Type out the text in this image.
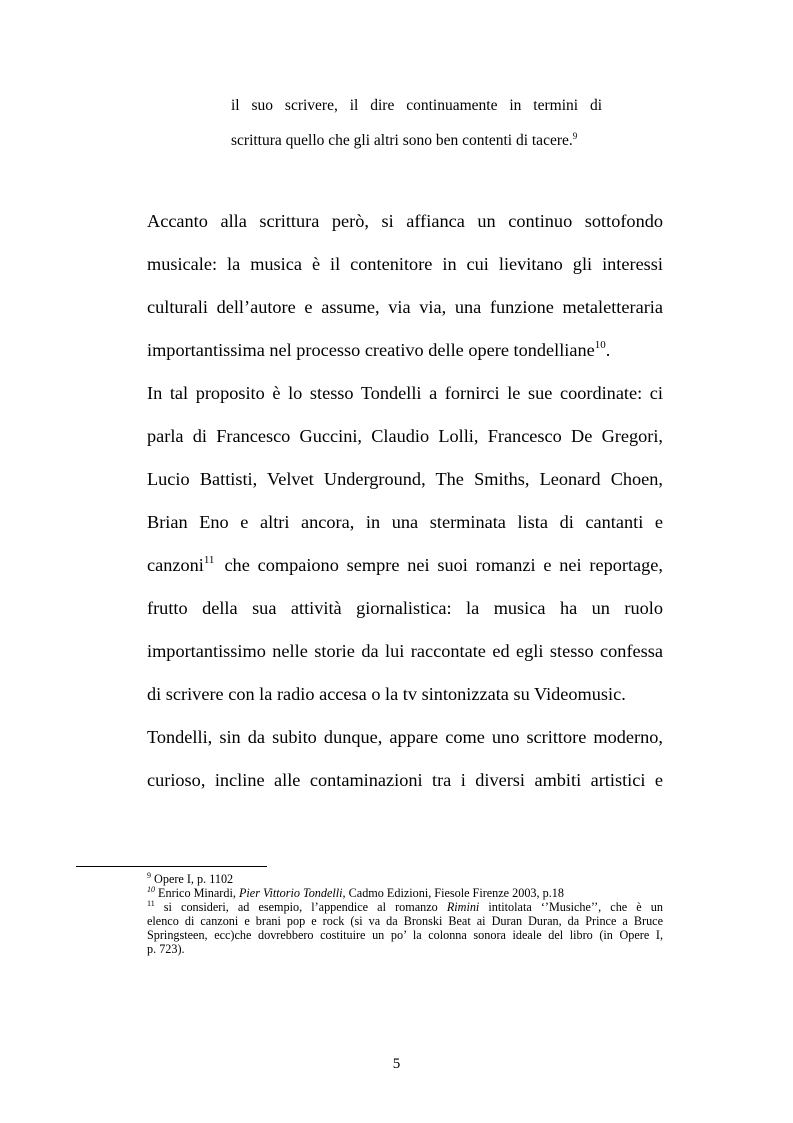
il suo scrivere, il dire continuamente in termini di
scrittura quello che gli altri sono ben contenti di tacere.$^9$
Accanto alla scrittura però, si affianca un continuo sottofondo
musicale: la musica è il contenitore in cui lievitano gli interessi
culturali dell’autore e assume, via via, una funzione metaletteraria
importantissima nel processo creativo delle opere tondelliane$^{10}$.
In tal proposito è lo stesso Tondelli a fornirci le sue coordinate: ci
parla di Francesco Guccini, Claudio Lolli, Francesco De Gregori,
Lucio Battisti, Velvet Underground, The Smiths, Leonard Choen,
Brian Eno e altri ancora, in una sterminata lista di cantanti e
canzoni$^{11}$ che compaiono sempre nei suoi romanzi e nei reportage,
frutto della sua attività giornalistica: la musica ha un ruolo
importantissimo nelle storie da lui raccontate ed egli stesso confessa
di scrivere con la radio accesa o la tv sintonizzata su Videomusic.
Tondelli, sin da subito dunque, appare come uno scrittore moderno,
curioso, incline alle contaminazioni tra i diversi ambiti artistici e
$^9$ Opere I, p. 1102
$^{10}$ Enrico Minardi, Pier Vittorio Tondelli, Cadmo Edizioni, Fiesole Firenze 2003, p.18
$^{11}$ si consideri, ad esempio, l’appendice al romanzo Rimini intitolata ‘’Musiche’’, che è un
elenco di canzoni e brani pop e rock (si va da Bronski Beat ai Duran Duran, da Prince a Bruce
Springsteen, ecc)che dovrebbero costituire un po’ la colonna sonora ideale del libro (in Opere I,
p. 723).
5
